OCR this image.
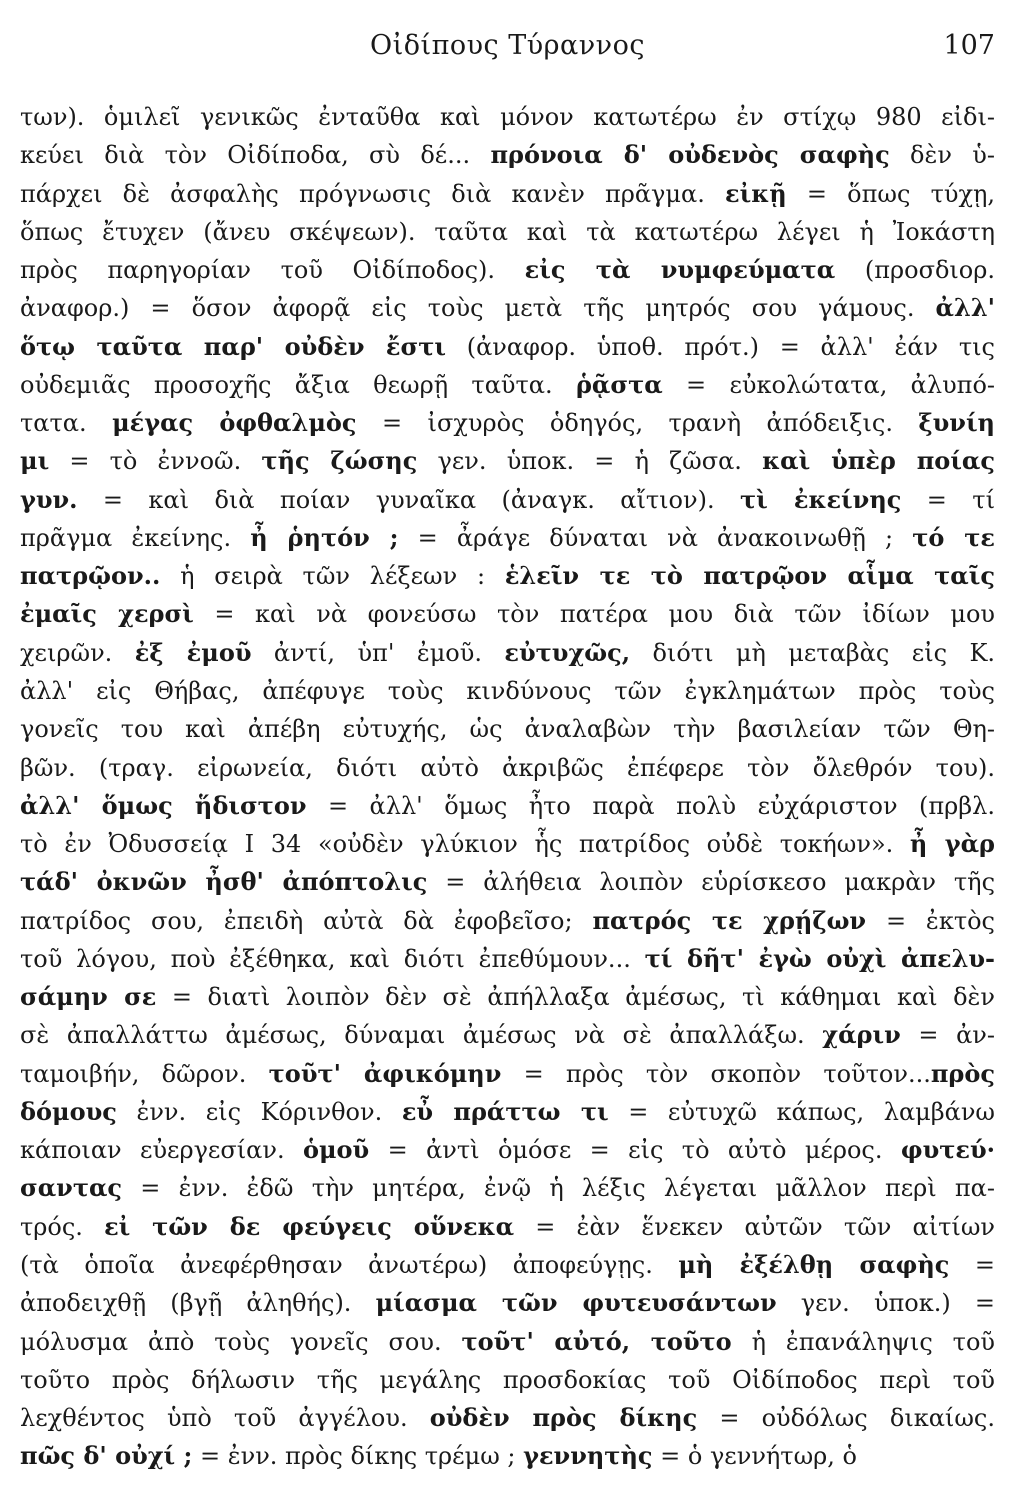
Οἰδίπους Τύραννος	107
των). ὁμιλεῖ γενικῶς ἐνταῦθα καὶ μόνον κατωτέρω ἐν στίχῳ 980 εἰδι-
κεύει διὰ τὸν Οἰδίποδα, σὺ δέ... πρόνοια δ' οὐδενὸς σαφὴς δὲν ὑ-
πάρχει δὲ ἀσφαλὴς πρόγνωσις διὰ κανὲν πρᾶγμα. εἰκῇ = ὅπως τύχῃ,
ὅπως ἔτυχεν (ἄνευ σκέψεων). ταῦτα καὶ τὰ κατωτέρω λέγει ἡ Ἰοκάστη
πρὸς παρηγορίαν τοῦ Οἰδίποδος). εἰς τὰ νυμφεύματα (προσδιορ.
ἀναφορ.) = ὅσον ἀφορᾷ εἰς τοὺς μετὰ τῆς μητρός σου γάμους. ἀλλ'
ὅτῳ ταῦτα παρ' οὐδὲν ἔστι (ἀναφορ. ὑποθ. πρότ.) = ἀλλ' ἐάν τις
οὐδεμιᾶς προσοχῆς ἄξια θεωρῇ ταῦτα. ῥᾷστα = εὐκολώτατα, ἀλυπό-
τατα. μέγας ὀφθαλμὸς = ἰσχυρὸς ὁδηγός, τρανὴ ἀπόδειξις. ξυνίη
μι = τὸ ἐννοῶ. τῆς ζώσης γεν. ὑποκ. = ἡ ζῶσα. καὶ ὑπὲρ ποίας
γυν. = καὶ διὰ ποίαν γυναῖκα (ἀναγκ. αἴτιον). τὶ ἐκείνης = τί
πρᾶγμα ἐκείνης. ἦ ῥητόν ; = ἆράγε δύναται νὰ ἀνακοινωθῇ ; τό τε
πατρῷον.. ἡ σειρὰ τῶν λέξεων : ἑλεῖν τε τὸ πατρῷον αἷμα ταῖς
ἐμαῖς χερσὶ = καὶ νὰ φονεύσω τὸν πατέρα μου διὰ τῶν ἰδίων μου
χειρῶν. ἐξ ἐμοῦ ἀντί, ὑπ' ἐμοῦ. εὐτυχῶς, διότι μὴ μεταβὰς εἰς Κ.
ἀλλ' εἰς Θήβας, ἀπέφυγε τοὺς κινδύνους τῶν ἐγκλημάτων πρὸς τοὺς
γονεῖς του καὶ ἀπέβη εὐτυχής, ὡς ἀναλαβὼν τὴν βασιλείαν τῶν Θη-
βῶν. (τραγ. εἰρωνεία, διότι αὐτὸ ἀκριβῶς ἐπέφερε τὸν ὄλεθρόν του).
ἀλλ' ὅμως ἥδιστον = ἀλλ' ὅμως ἦτο παρὰ πολὺ εὐχάριστον (πρβλ.
τὸ ἐν Ὀδυσσείᾳ Ι 34 «οὐδὲν γλύκιον ἧς πατρίδος οὐδὲ τοκήων». ἦ γὰρ
τάδ' ὀκνῶν ἦσθ' ἀπόπτολις = ἀλήθεια λοιπὸν εὑρίσκεσο μακρὰν τῆς
πατρίδος σου, ἐπειδὴ αὐτὰ δὰ ἐφοβεῖσο; πατρός τε χρῄζων = ἐκτὸς
τοῦ λόγου, ποὺ ἐξέθηκα, καὶ διότι ἐπεθύμουν... τί δῆτ' ἐγὼ οὐχὶ ἀπελυ-
σάμην σε = διατὶ λοιπὸν δὲν σὲ ἀπήλλαξα ἀμέσως, τὶ κάθημαι καὶ δὲν
σὲ ἀπαλλάττω ἀμέσως, δύναμαι ἀμέσως νὰ σὲ ἀπαλλάξω. χάριν = ἀν-
ταμοιβήν, δῶρον. τοῦτ' ἀφικόμην = πρὸς τὸν σκοπὸν τοῦτον...πρὸς
δόμους ἐνν. εἰς Κόρινθον. εὖ πράττω τι = εὐτυχῶ κάπως, λαμβάνω
κάποιαν εὐεργεσίαν. ὁμοῦ = ἀντὶ ὁμόσε = εἰς τὸ αὐτὸ μέρος. φυτεύ·
σαντας = ἐνν. ἐδῶ τὴν μητέρα, ἐνῷ ἡ λέξις λέγεται μᾶλλον περὶ πα-
τρός. εἰ τῶν δε φεύγεις οὕνεκα = ἐὰν ἕνεκεν αὐτῶν τῶν αἰτίων
(τὰ ὁποῖα ἀνεφέρθησαν ἀνωτέρω) ἀποφεύγῃς. μὴ ἐξέλθῃ σαφὴς =
ἀποδειχθῇ (βγῇ ἀληθής). μίασμα τῶν φυτευσάντων γεν. ὑποκ.) =
μόλυσμα ἀπὸ τοὺς γονεῖς σου. τοῦτ' αὐτό, τοῦτο ἡ ἐπανάληψις τοῦ
τοῦτο πρὸς δήλωσιν τῆς μεγάλης προσδοκίας τοῦ Οἰδίποδος περὶ τοῦ
λεχθέντος ὑπὸ τοῦ ἀγγέλου. οὐδὲν πρὸς δίκης = οὐδόλως δικαίως.
πῶς δ' οὐχί ; = ἐνν. πρὸς δίκης τρέμω ; γεννητὴς = ὁ γεννήτωρ, ὁ
